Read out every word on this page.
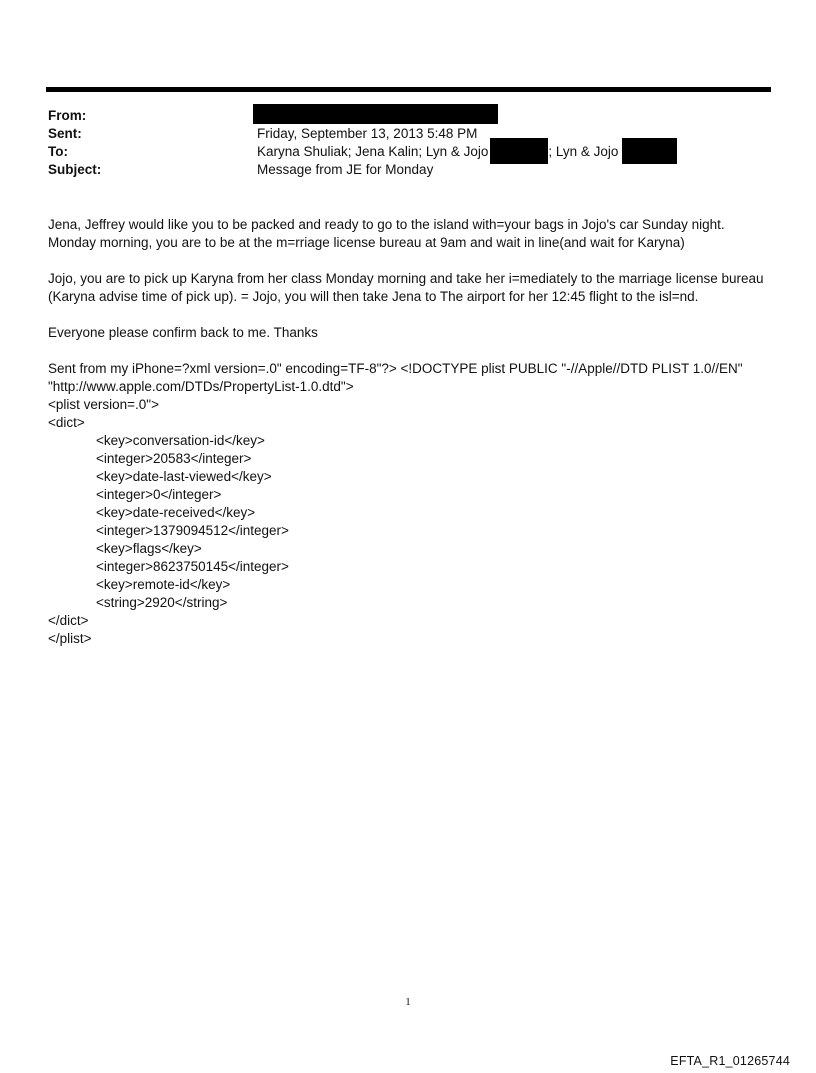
From:
Sent:	Friday, September 13, 2013 5:48 PM
To:	Karyna Shuliak; Jena Kalin; Lyn & Jojo	; Lyn & Jojo
Subject:	Message from JE for Monday

Jena, Jeffrey would like you to be packed and ready to go to the island with=your bags in Jojo's car Sunday night.

Monday morning, you are to be at the m=rriage license bureau at 9am and wait in line(and wait for Karyna)

Jojo, you are to pick up Karyna from her class Monday morning and take her i=mediately to the marriage license bureau

(Karyna advise time of pick up). = Jojo, you will then take Jena to The airport for her 12:45 flight to the isl=nd.

Everyone please confirm back to me. Thanks

Sent from my iPhone=?xml version=.0" encoding=TF-8"?> <!DOCTYPE plist PUBLIC "-//Apple//DTD PLIST 1.0//EN"

"http://www.apple.com/DTDs/PropertyList-1.0.dtd">

<plist version=.0">

<dict>

<key>conversation-id</key>

<integer>20583</integer>

<key>date-last-viewed</key>

<integer>0</integer>

<key>date-received</key>

<integer>1379094512</integer>

<key>flags</key>

<integer>8623750145</integer>

<key>remote-id</key>

<string>2920</string>

</dict>

</plist>

1
EFTA_R1_01265744
